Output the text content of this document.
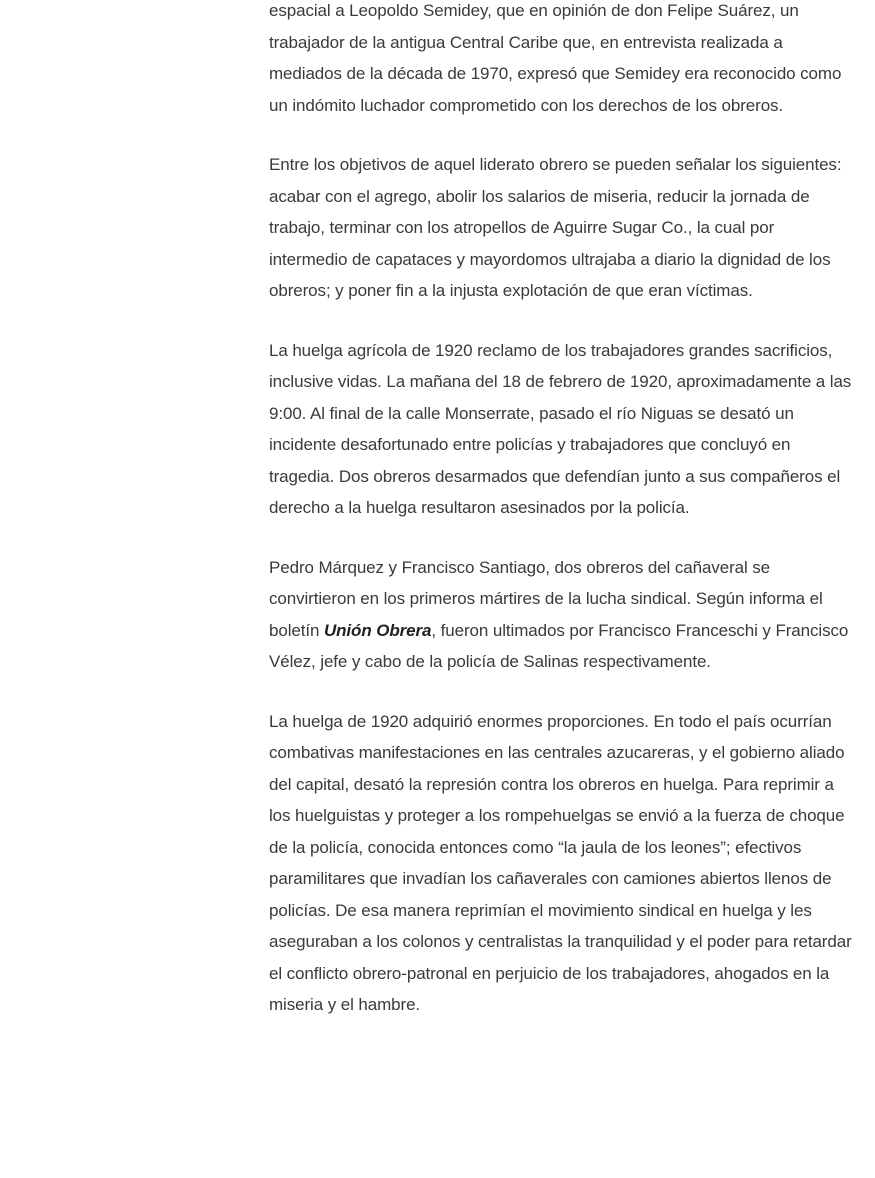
espacial a Leopoldo Semidey, que en opinión de don Felipe Suárez, un trabajador de la antigua Central Caribe que, en entrevista realizada a mediados de la década de 1970, expresó que Semidey era reconocido como un indómito luchador comprometido con los derechos de los obreros.

Entre los objetivos de aquel liderato obrero se pueden señalar los siguientes: acabar con el agrego, abolir los salarios de miseria, reducir la jornada de trabajo, terminar con los atropellos de Aguirre Sugar Co., la cual por intermedio de capataces y mayordomos ultrajaba a diario la dignidad de los obreros; y poner fin a la injusta explotación de que eran víctimas.

La huelga agrícola de 1920 reclamo de los trabajadores grandes sacrificios, inclusive vidas. La mañana del 18 de febrero de 1920, aproximadamente a las 9:00. Al final de la calle Monserrate, pasado el río Niguas se desató un incidente desafortunado entre policías y trabajadores que concluyó en tragedia. Dos obreros desarmados que defendían junto a sus compañeros el derecho a la huelga resultaron asesinados por la policía.

Pedro Márquez y Francisco Santiago, dos obreros del cañaveral se convirtieron en los primeros mártires de la lucha sindical. Según informa el boletín Unión Obrera, fueron ultimados por Francisco Franceschi y Francisco Vélez, jefe y cabo de la policía de Salinas respectivamente.

La huelga de 1920 adquirió enormes proporciones. En todo el país ocurrían combativas manifestaciones en las centrales azucareras, y el gobierno aliado del capital, desató la represión contra los obreros en huelga. Para reprimir a los huelguistas y proteger a los rompehuelgas se envió a la fuerza de choque de la policía, conocida entonces como “la jaula de los leones”; efectivos paramilitares que invadían los cañaverales con camiones abiertos llenos de policías. De esa manera reprimían el movimiento sindical en huelga y les aseguraban a los colonos y centralistas la tranquilidad y el poder para retardar el conflicto obrero-patronal en perjuicio de los trabajadores, ahogados en la miseria y el hambre.
